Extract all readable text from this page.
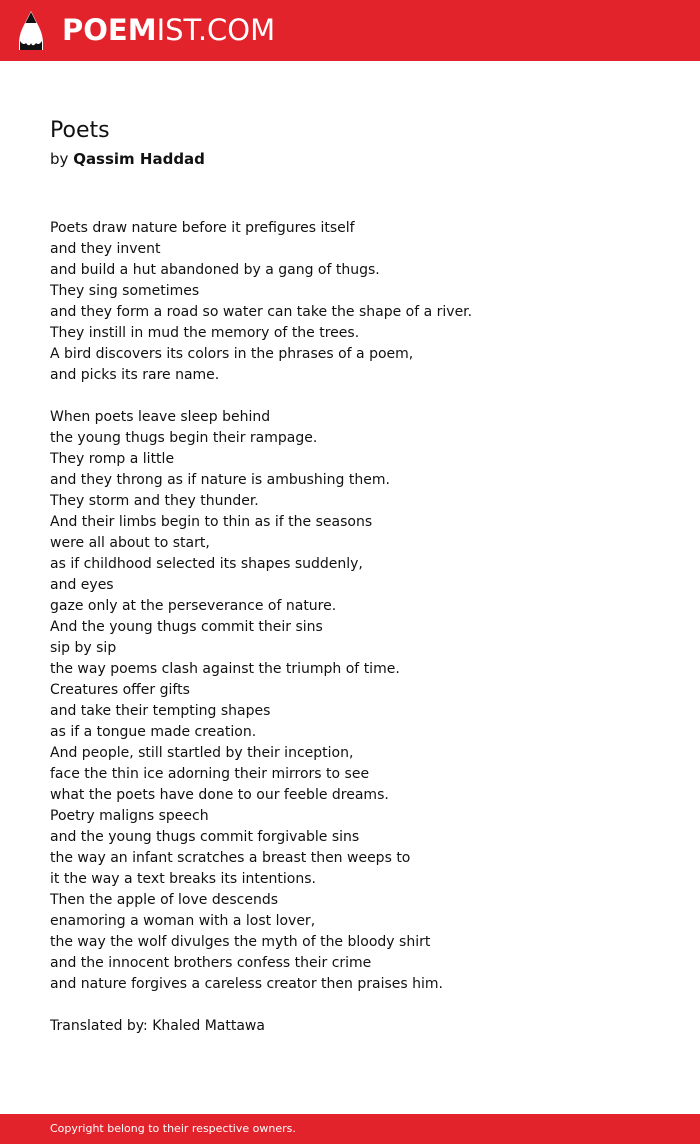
POEMIST.COM
Poets
by Qassim Haddad
Poets draw nature before it prefigures itself
and they invent
and build a hut abandoned by a gang of thugs.
They sing sometimes
and they form a road so water can take the shape of a river.
They instill in mud the memory of the trees.
A bird discovers its colors in the phrases of a poem,
and picks its rare name.
When poets leave sleep behind
the young thugs begin their rampage.
They romp a little
and they throng as if nature is ambushing them.
They storm and they thunder.
And their limbs begin to thin as if the seasons
were all about to start,
as if childhood selected its shapes suddenly,
and eyes
gaze only at the perseverance of nature.
And the young thugs commit their sins
sip by sip
the way poems clash against the triumph of time.
Creatures offer gifts
and take their tempting shapes
as if a tongue made creation.
And people, still startled by their inception,
face the thin ice adorning their mirrors to see
what the poets have done to our feeble dreams.
Poetry maligns speech
and the young thugs commit forgivable sins
the way an infant scratches a breast then weeps to
it the way a text breaks its intentions.
Then the apple of love descends
enamoring a woman with a lost lover,
the way the wolf divulges the myth of the bloody shirt
and the innocent brothers confess their crime
and nature forgives a careless creator then praises him.
Translated by: Khaled Mattawa
Copyright belong to their respective owners.
